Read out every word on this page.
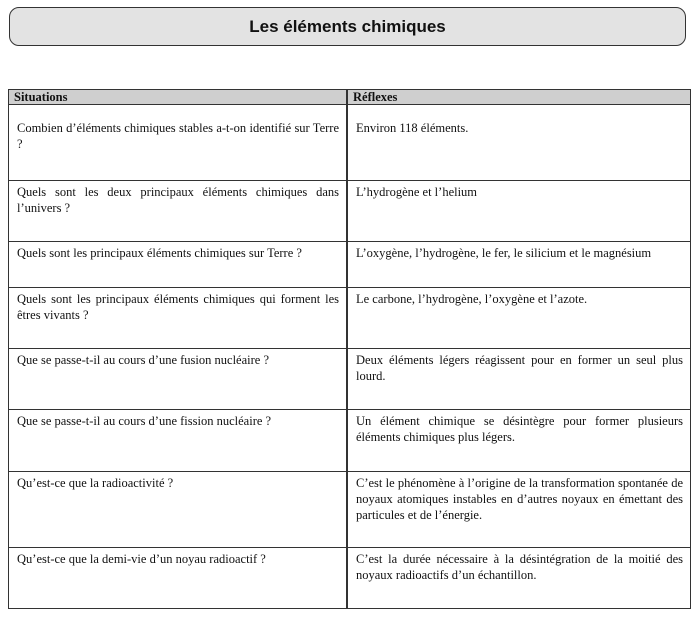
Les éléments chimiques
Situations	Réflexes

Combien d’éléments chimiques stables a-t-on identifié sur Terre ?	Environ 118 éléments.

Quels sont les deux principaux éléments chimiques dans l’univers ?	L’hydrogène et l’helium

Quels sont les principaux éléments chimiques sur Terre ?	L’oxygène, l’hydrogène, le fer, le silicium et le magnésium

Quels sont les principaux éléments chimiques qui forment les êtres vivants ?	Le carbone, l’hydrogène, l’oxygène et l’azote.

Que se passe-t-il au cours d’une fusion nucléaire ?	Deux éléments légers réagissent pour en former un seul plus lourd.

Que se passe-t-il au cours d’une fission nucléaire ?	Un élément chimique se désintègre pour former plusieurs éléments chimiques plus légers.

Qu’est-ce que la radioactivité ?	C’est le phénomène à l’origine de la transformation spontanée de noyaux atomiques instables en d’autres noyaux en émettant des particules et de l’énergie.

Qu’est-ce que la demi-vie d’un noyau radioactif ?	C’est la durée nécessaire à la désintégration de la moitié des noyaux radioactifs d’un échantillon.
